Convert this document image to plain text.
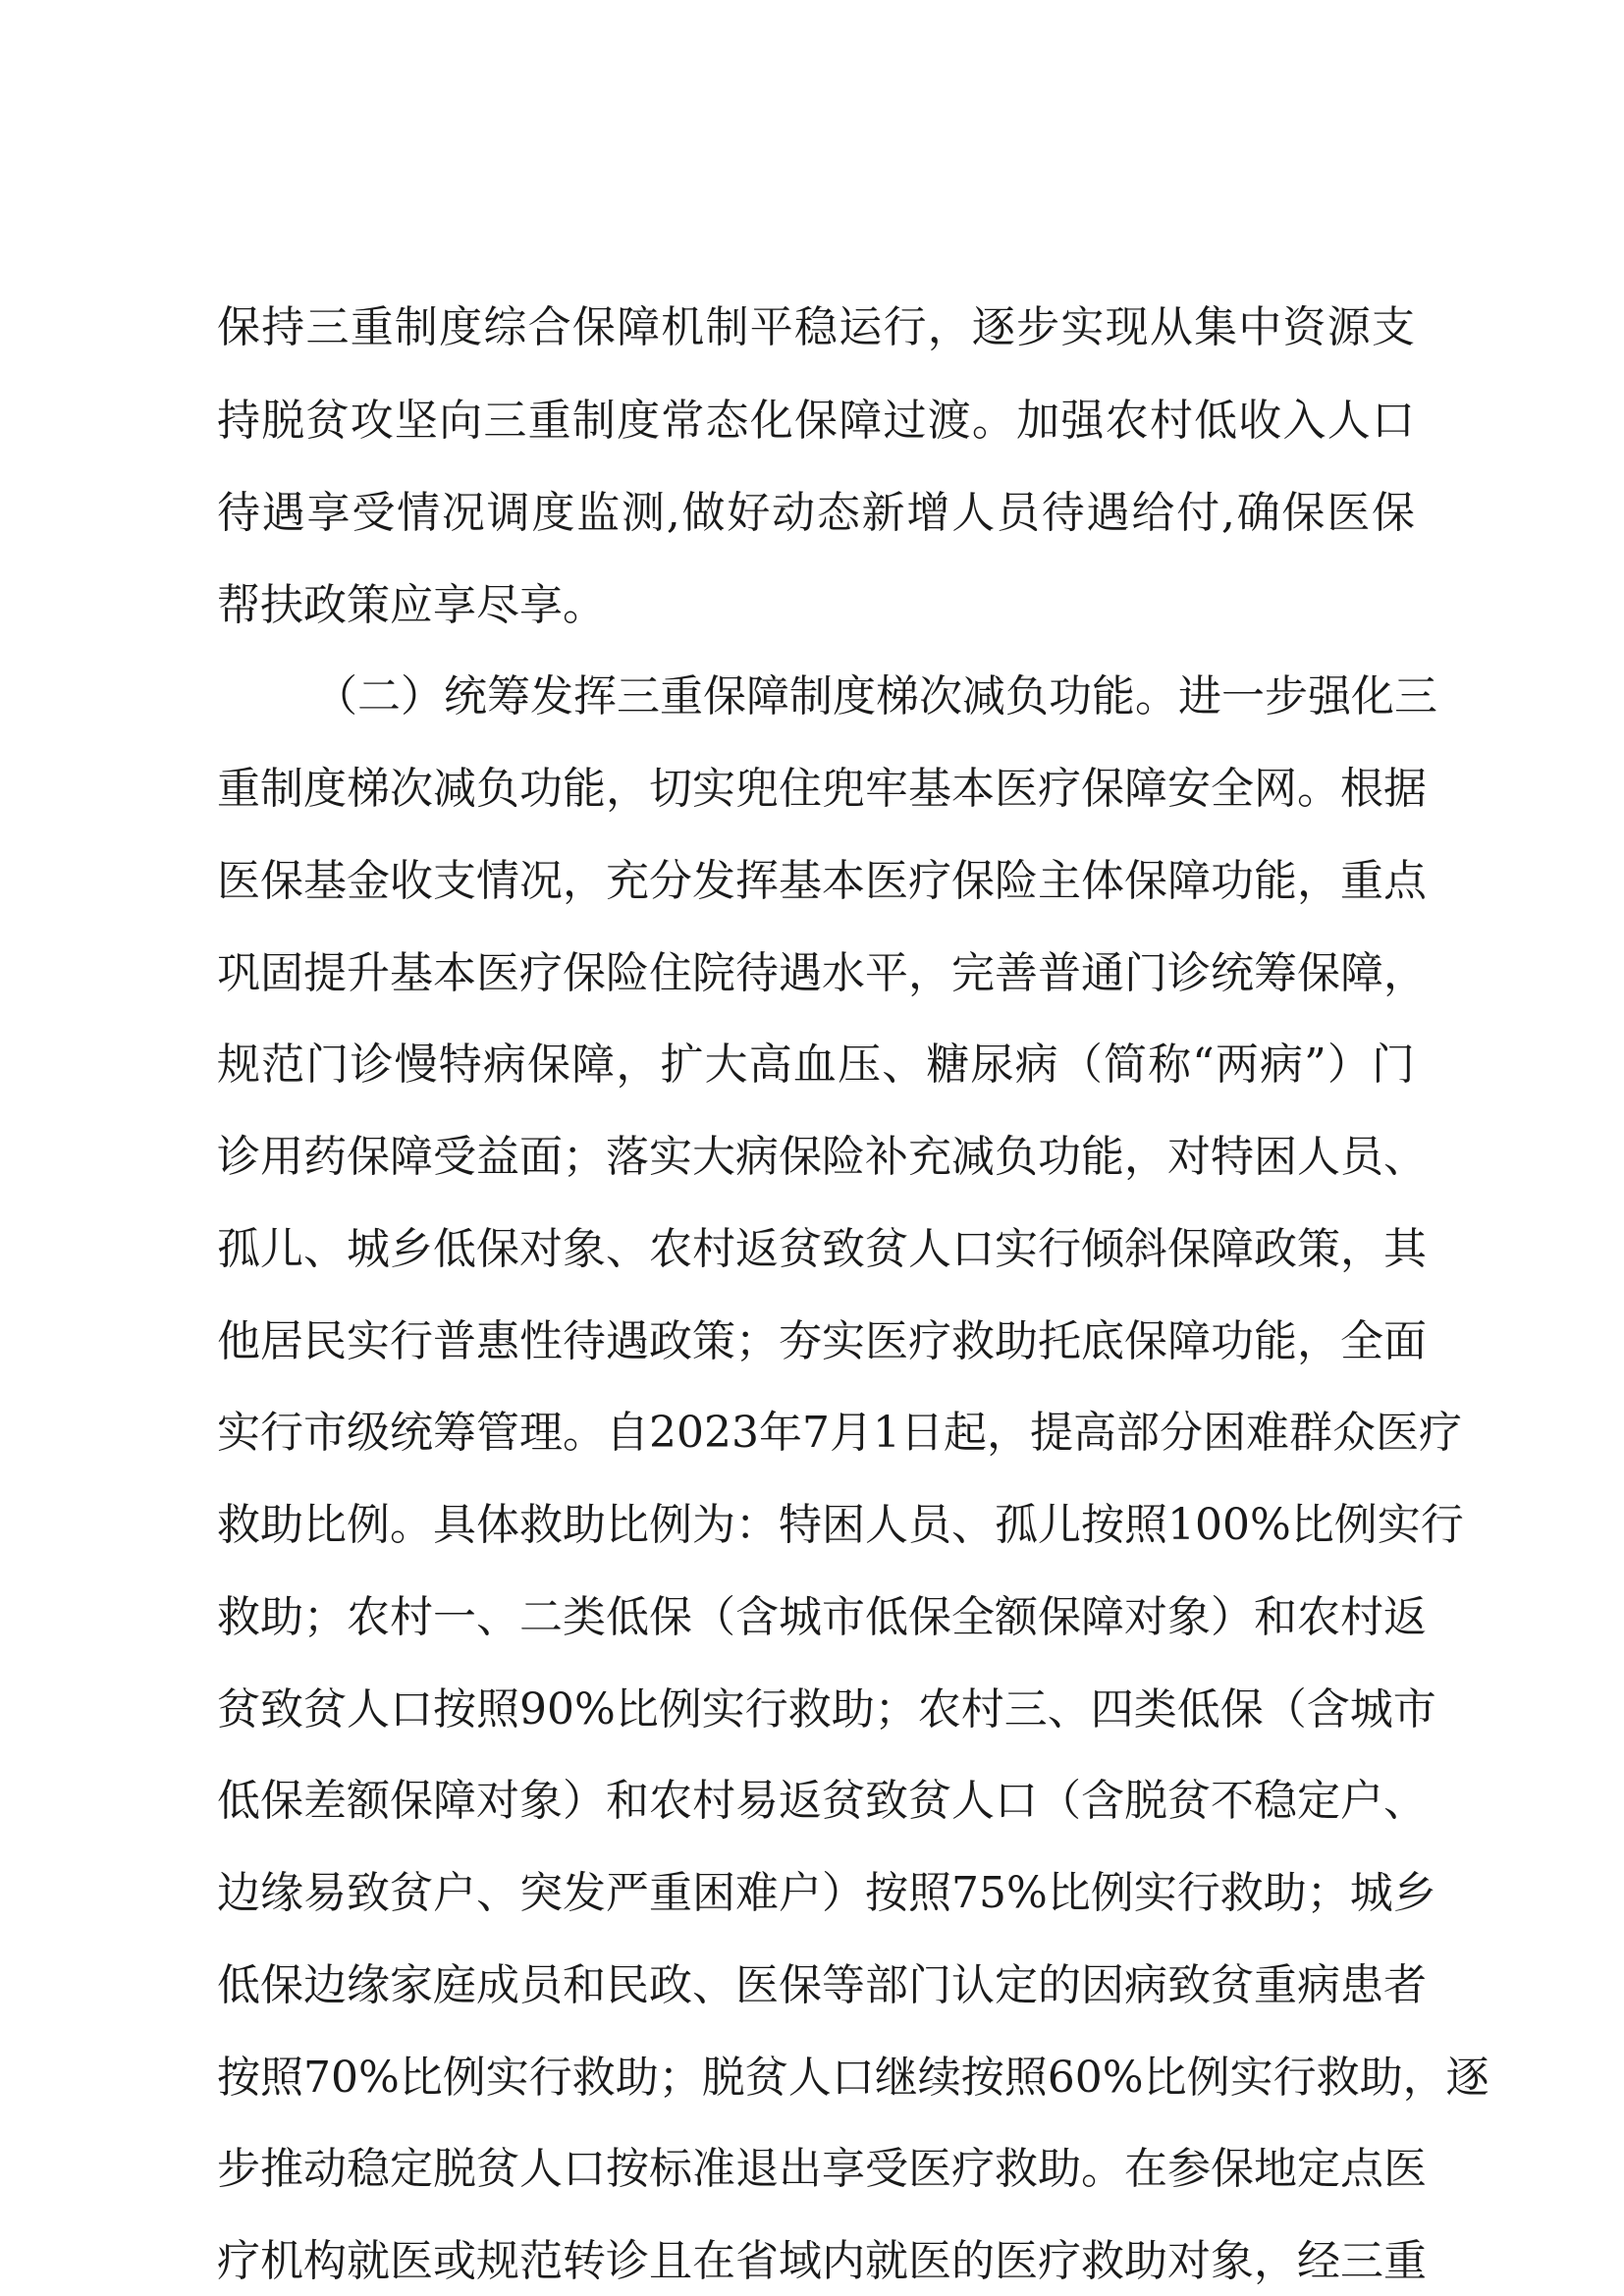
保持三重制度综合保障机制平稳运行，逐步实现从集中资源支
持脱贫攻坚向三重制度常态化保障过渡。加强农村低收入人口
待遇享受情况调度监测,做好动态新增人员待遇给付,确保医保
帮扶政策应享尽享。
（二）统筹发挥三重保障制度梯次减负功能。进一步强化三
重制度梯次减负功能，切实兜住兜牢基本医疗保障安全网。根据
医保基金收支情况，充分发挥基本医疗保险主体保障功能，重点
巩固提升基本医疗保险住院待遇水平，完善普通门诊统筹保障，
规范门诊慢特病保障，扩大高血压、糖尿病（简称“两病”）门
诊用药保障受益面；落实大病保险补充减负功能，对特困人员、
孤儿、城乡低保对象、农村返贫致贫人口实行倾斜保障政策，其
他居民实行普惠性待遇政策；夯实医疗救助托底保障功能，全面
实行市级统筹管理。自2023年7月1日起，提高部分困难群众医疗
救助比例。具体救助比例为：特困人员、孤儿按照100%比例实行
救助；农村一、二类低保（含城市低保全额保障对象）和农村返
贫致贫人口按照90%比例实行救助；农村三、四类低保（含城市
低保差额保障对象）和农村易返贫致贫人口（含脱贫不稳定户、
边缘易致贫户、突发严重困难户）按照75%比例实行救助；城乡
低保边缘家庭成员和民政、医保等部门认定的因病致贫重病患者
按照70%比例实行救助；脱贫人口继续按照60%比例实行救助，逐
步推动稳定脱贫人口按标准退出享受医疗救助。在参保地定点医
疗机构就医或规范转诊且在省域内就医的医疗救助对象，经三重
